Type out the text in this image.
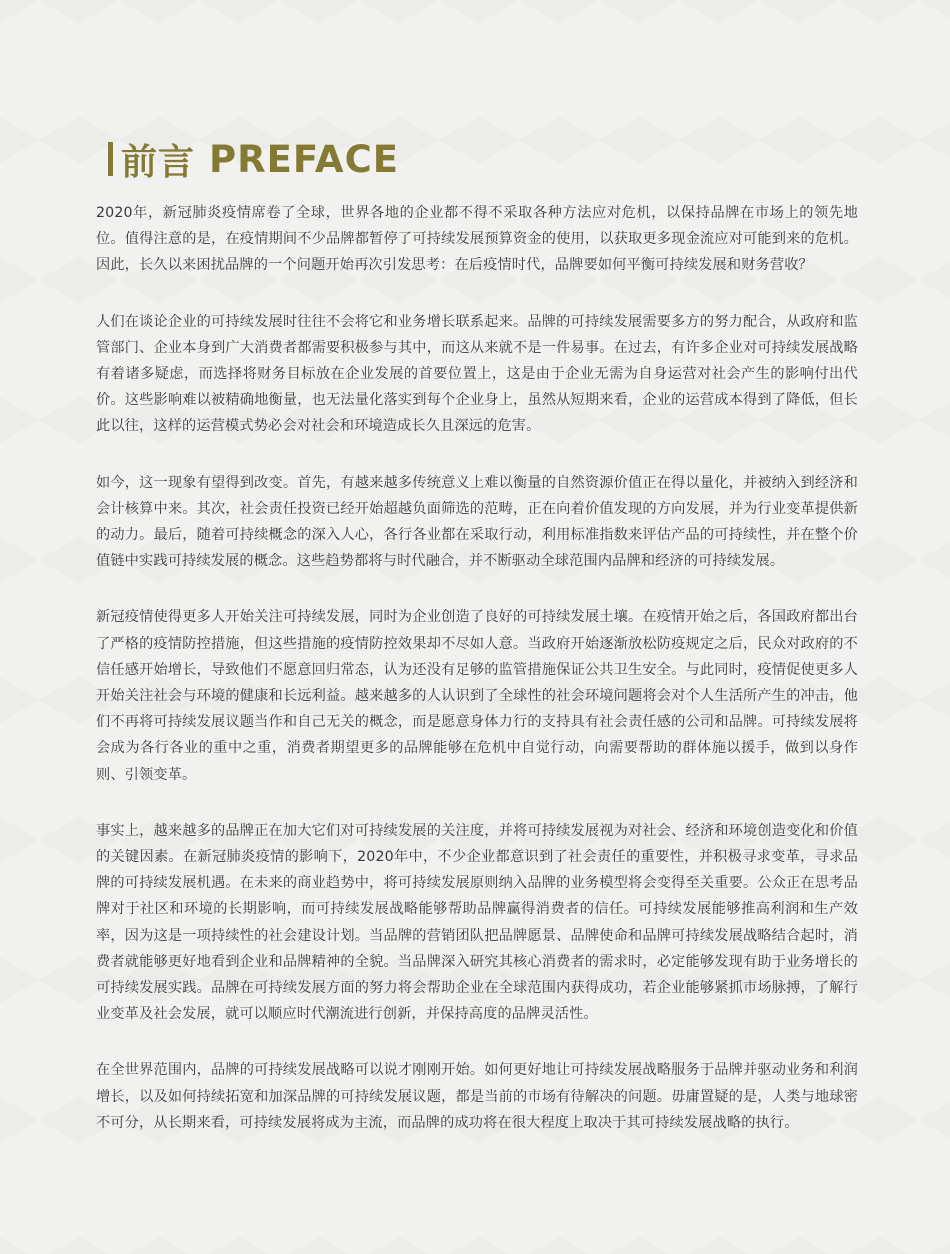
前言 PREFACE

2020年，新冠肺炎疫情席卷了全球，世界各地的企业都不得不采取各种方法应对危机，以保持品牌在市场上的领先地位。值得注意的是，在疫情期间不少品牌都暂停了可持续发展预算资金的使用，以获取更多现金流应对可能到来的危机。因此，长久以来困扰品牌的一个问题开始再次引发思考：在后疫情时代，品牌要如何平衡可持续发展和财务营收？

人们在谈论企业的可持续发展时往往不会将它和业务增长联系起来。品牌的可持续发展需要多方的努力配合，从政府和监管部门、企业本身到广大消费者都需要积极参与其中，而这从来就不是一件易事。在过去，有许多企业对可持续发展战略有着诸多疑虑，而选择将财务目标放在企业发展的首要位置上，这是由于企业无需为自身运营对社会产生的影响付出代价。这些影响难以被精确地衡量，也无法量化落实到每个企业身上，虽然从短期来看，企业的运营成本得到了降低，但长此以往，这样的运营模式势必会对社会和环境造成长久且深远的危害。

如今，这一现象有望得到改变。首先，有越来越多传统意义上难以衡量的自然资源价值正在得以量化，并被纳入到经济和会计核算中来。其次，社会责任投资已经开始超越负面筛选的范畴，正在向着价值发现的方向发展，并为行业变革提供新的动力。最后，随着可持续概念的深入人心，各行各业都在采取行动，利用标准指数来评估产品的可持续性，并在整个价值链中实践可持续发展的概念。这些趋势都将与时代融合，并不断驱动全球范围内品牌和经济的可持续发展。

新冠疫情使得更多人开始关注可持续发展，同时为企业创造了良好的可持续发展土壤。在疫情开始之后，各国政府都出台了严格的疫情防控措施，但这些措施的疫情防控效果却不尽如人意。当政府开始逐渐放松防疫规定之后，民众对政府的不信任感开始增长，导致他们不愿意回归常态，认为还没有足够的监管措施保证公共卫生安全。与此同时，疫情促使更多人开始关注社会与环境的健康和长远利益。越来越多的人认识到了全球性的社会环境问题将会对个人生活所产生的冲击，他们不再将可持续发展议题当作和自己无关的概念，而是愿意身体力行的支持具有社会责任感的公司和品牌。可持续发展将会成为各行各业的重中之重，消费者期望更多的品牌能够在危机中自觉行动，向需要帮助的群体施以援手，做到以身作则、引领变革。

事实上，越来越多的品牌正在加大它们对可持续发展的关注度，并将可持续发展视为对社会、经济和环境创造变化和价值的关键因素。在新冠肺炎疫情的影响下，2020年中，不少企业都意识到了社会责任的重要性，并积极寻求变革，寻求品牌的可持续发展机遇。在未来的商业趋势中，将可持续发展原则纳入品牌的业务模型将会变得至关重要。公众正在思考品牌对于社区和环境的长期影响，而可持续发展战略能够帮助品牌赢得消费者的信任。可持续发展能够推高利润和生产效率，因为这是一项持续性的社会建设计划。当品牌的营销团队把品牌愿景、品牌使命和品牌可持续发展战略结合起时，消费者就能够更好地看到企业和品牌精神的全貌。当品牌深入研究其核心消费者的需求时，必定能够发现有助于业务增长的可持续发展实践。品牌在可持续发展方面的努力将会帮助企业在全球范围内获得成功，若企业能够紧抓市场脉搏，了解行业变革及社会发展，就可以顺应时代潮流进行创新，并保持高度的品牌灵活性。

在全世界范围内，品牌的可持续发展战略可以说才刚刚开始。如何更好地让可持续发展战略服务于品牌并驱动业务和利润增长，以及如何持续拓宽和加深品牌的可持续发展议题，都是当前的市场有待解决的问题。毋庸置疑的是，人类与地球密不可分，从长期来看，可持续发展将成为主流，而品牌的成功将在很大程度上取决于其可持续发展战略的执行。
